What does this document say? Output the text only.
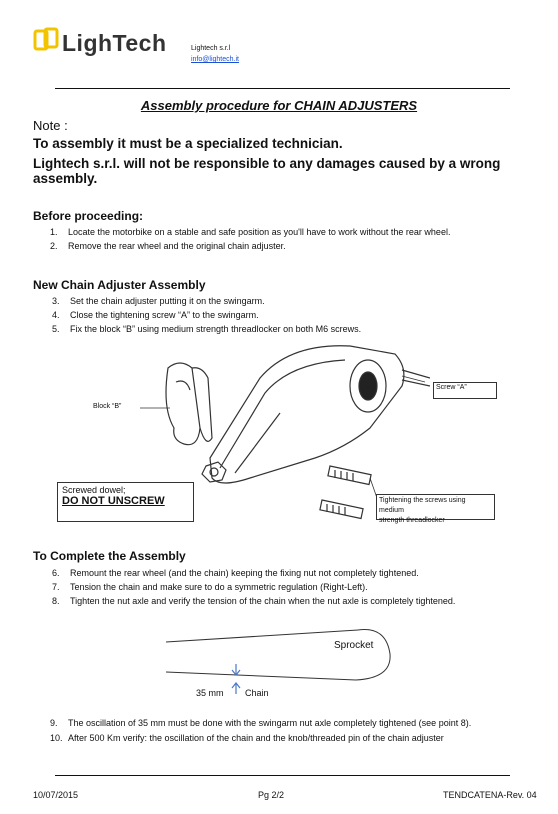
LighTech	Lightech s.r.l
info@lightech.it
Assembly procedure for CHAIN ADJUSTERS
Note :
To assembly it must be a specialized technician.
Lightech s.r.l. will not be responsible to any damages caused by a wrong assembly.
Before proceeding:
1. Locate the motorbike on a stable and safe position as you'll have to work without the rear wheel.
2. Remove the rear wheel and the original chain adjuster.
New Chain Adjuster Assembly
3. Set the chain adjuster putting it on the swingarm.
4. Close the tightening screw “A” to the swingarm.
5. Fix the block “B” using medium strength threadlocker on both M6 screws.
Screw “A”
Block “B”
Screwed dowel;
DO NOT UNSCREW	Tightening the screws using medium
strength threadlocker
To Complete the Assembly
6. Remount the rear wheel (and the chain) keeping the fixing nut not completely tightened.
7. Tension the chain and make sure to do a symmetric regulation (Right-Left).
8. Tighten the nut axle and verify the tension of the chain when the nut axle is completely tightened.
Sprocket
35 mm Chain
9. The oscillation of 35 mm must be done with the swingarm nut axle completely tightened (see point 8).
10. After 500 Km verify: the oscillation of the chain and the knob/threaded pin of the chain adjuster
10/07/2015	Pg 2/2	TENDCATENA-Rev. 04
